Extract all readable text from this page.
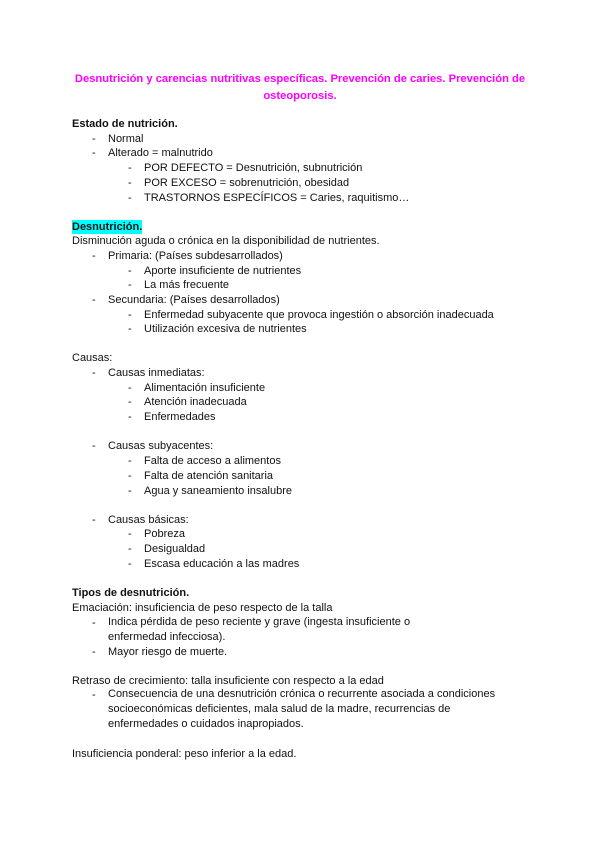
Desnutrición y carencias nutritivas específicas. Prevención de caries. Prevención de osteoporosis.
Estado de nutrición.
- Normal
- Alterado = malnutrido
- POR DEFECTO = Desnutrición, subnutrición
- POR EXCESO = sobrenutrición, obesidad
- TRASTORNOS ESPECÍFICOS = Caries, raquitismo…
Desnutrición.
Disminución aguda o crónica en la disponibilidad de nutrientes.
- Primaria: (Países subdesarrollados)
- Aporte insuficiente de nutrientes
- La más frecuente
- Secundaria: (Países desarrollados)
- Enfermedad subyacente que provoca ingestión o absorción inadecuada
- Utilización excesiva de nutrientes
Causas:
- Causas inmediatas:
- Alimentación insuficiente
- Atención inadecuada
- Enfermedades
- Causas subyacentes:
- Falta de acceso a alimentos
- Falta de atención sanitaria
- Agua y saneamiento insalubre
- Causas básicas:
- Pobreza
- Desigualdad
- Escasa educación a las madres
Tipos de desnutrición.
Emaciación: insuficiencia de peso respecto de la talla
- Indica pérdida de peso reciente y grave (ingesta insuficiente o enfermedad infecciosa).
- Mayor riesgo de muerte.
Retraso de crecimiento: talla insuficiente con respecto a la edad
- Consecuencia de una desnutrición crónica o recurrente asociada a condiciones socioeconómicas deficientes, mala salud de la madre, recurrencias de enfermedades o cuidados inapropiados.
Insuficiencia ponderal: peso inferior a la edad.
